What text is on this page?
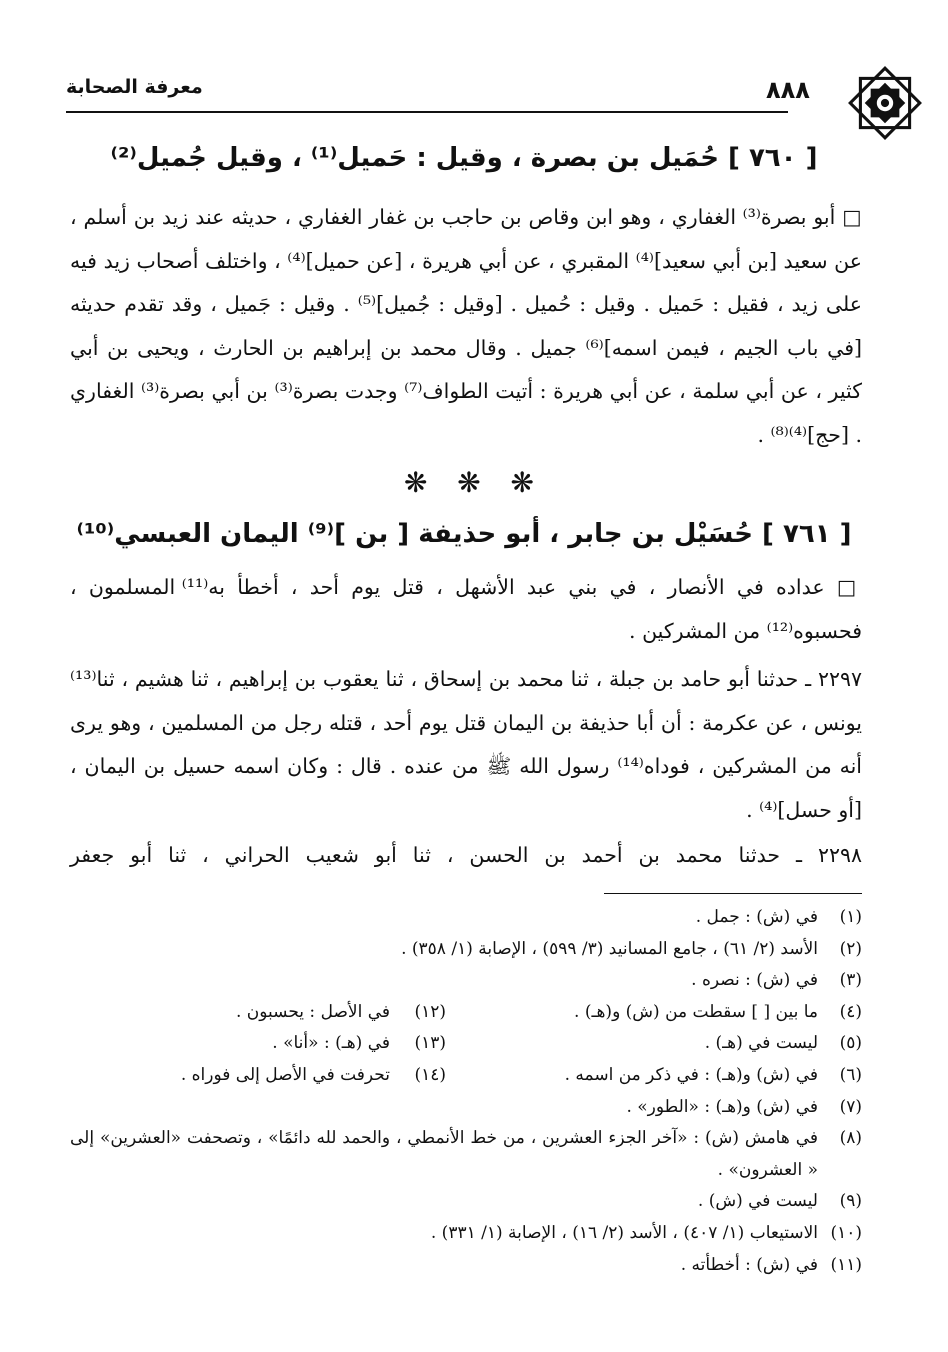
٨٨٨
معرفة الصحابة
[ ٧٦٠ ] حُمَيل بن بصرة ، وقيل : حَميل⁽¹⁾ ، وقيل جُميل⁽²⁾
□ أبو بصرة⁽³⁾ الغفاري ، وهو ابن وقاص بن حاجب بن غفار الغفاري ، حديثه عند زيد بن أسلم ، عن سعيد [بن أبي سعيد]⁽⁴⁾ المقبري ، عن أبي هريرة ، [عن حميل]⁽⁴⁾ ، واختلف أصحاب زيد فيه على زيد ، فقيل : حَميل . وقيل : حُميل . [وقيل : جُميل]⁽⁵⁾ . وقيل : جَميل ، وقد تقدم حديثه [في باب الجيم ، فيمن اسمه]⁽⁶⁾ جميل . وقال محمد بن إبراهيم بن الحارث ، ويحيى بن أبي كثير ، عن أبي سلمة ، عن أبي هريرة : أتيت الطواف⁽⁷⁾ وجدت بصرة⁽³⁾ بن أبي بصرة⁽³⁾ الغفاري . [حج]⁽⁴⁾⁽⁸⁾ .
❋ ❋ ❋
[ ٧٦١ ] حُسَيْل بن جابر ، أبو حذيفة [ بن ]⁽⁹⁾ اليمان العبسي⁽¹⁰⁾
□ عداده في الأنصار ، في بني عبد الأشهل ، قتل يوم أحد ، أخطأ به⁽¹¹⁾ المسلمون ، فحسبوه⁽¹²⁾ من المشركين .
٢٢٩٧ ـ حدثنا أبو حامد بن جبلة ، ثنا محمد بن إسحاق ، ثنا يعقوب بن إبراهيم ، ثنا هشيم ، ثنا⁽¹³⁾ يونس ، عن عكرمة : أن أبا حذيفة بن اليمان قتل يوم أحد ، قتله رجل من المسلمين ، وهو يرى أنه من المشركين ، فوداه⁽¹⁴⁾ رسول الله ﷺ من عنده . قال : وكان اسمه حسيل بن اليمان ، [أو حسل]⁽⁴⁾ .
٢٢٩٨ ـ حدثنا محمد بن أحمد بن الحسن ، ثنا أبو شعيب الحراني ، ثنا أبو جعفر
(١)
في (ش) : جمل .
(٢)
الأسد (٢/ ٦١) ، جامع المسانيد (٣/ ٥٩٩) ، الإصابة (١/ ٣٥٨) .
(٣)
في (ش) : نصره .
(٤)
ما بين [ ] سقطت من (ش) و(هـ) .
(١٢)
في الأصل : يحسبون .
(٥)
ليست في (هـ) .
(١٣)
في (هـ) : «أنا» .
(٦)
في (ش) و(هـ) : في ذكر من اسمه .
(١٤)
تحرفت في الأصل إلى فوراه .
(٧)
في (ش) و(هـ) : «الطور» .
(٨)
في هامش (ش) : «آخر الجزء العشرين ، من خط الأنمطي ، والحمد لله دائمًا» ، وتصحفت «العشرين» إلى « العشرون» .
(٩)
ليست في (ش) .
(١٠)
الاستيعاب (١/ ٤٠٧) ، الأسد (٢/ ١٦) ، الإصابة (١/ ٣٣١) .
(١١)
في (ش) : أخطأته .
